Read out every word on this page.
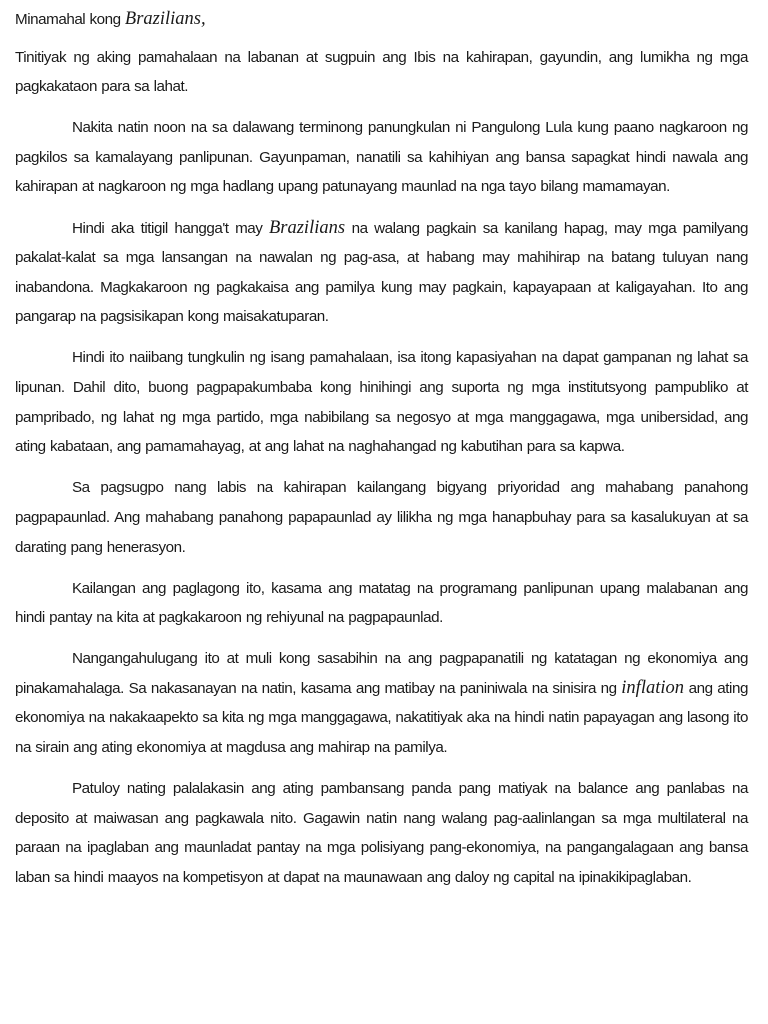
Minamahal kong Brazilians,

Tinitiyak ng aking pamahalaan na labanan at sugpuin ang Ibis na kahirapan, gayundin, ang lumikha ng mga pagkakataon para sa lahat.

Nakita natin noon na sa dalawang terminong panungkulan ni Pangulong Lula kung paano nagkaroon ng pagkilos sa kamalayang panlipunan. Gayunpaman, nanatili sa kahihiyan ang bansa sapagkat hindi nawala ang kahirapan at nagkaroon ng mga hadlang upang patunayang maunlad na nga tayo bilang mamamayan.

Hindi aka titigil hangga't may Brazilians na walang pagkain sa kanilang hapag, may mga pamilyang pakalat-kalat sa mga lansangan na nawalan ng pag-asa, at habang may mahihirap na batang tuluyan nang inabandona. Magkakaroon ng pagkakaisa ang pamilya kung may pagkain, kapayapaan at kaligayahan. Ito ang pangarap na pagsisikapan kong maisakatuparan.

Hindi ito naiibang tungkulin ng isang pamahalaan, isa itong kapasiyahan na dapat gampanan ng lahat sa lipunan. Dahil dito, buong pagpapakumbaba kong hinihingi ang suporta ng mga institutsyong pampubliko at pampribado, ng lahat ng mga partido, mga nabibilang sa negosyo at mga manggagawa, mga unibersidad, ang ating kabataan, ang pamamahayag, at ang lahat na naghahangad ng kabutihan para sa kapwa.

Sa pagsugpo nang labis na kahirapan kailangang bigyang priyoridad ang mahabang panahong pagpapaunlad. Ang mahabang panahong papapaunlad ay lilikha ng mga hanapbuhay para sa kasalukuyan at sa darating pang henerasyon.

Kailangan ang paglagong ito, kasama ang matatag na programang panlipunan upang malabanan ang hindi pantay na kita at pagkakaroon ng rehiyunal na pagpapaunlad.

Nangangahulugang ito at muli kong sasabihin na ang pagpapanatili ng katatagan ng ekonomiya ang pinakamahalaga. Sa nakasanayan na natin, kasama ang matibay na paniniwala na sinisira ng inflation ang ating ekonomiya na nakakaapekto sa kita ng mga manggagawa, nakatitiyak aka na hindi natin papayagan ang lasong ito na sirain ang ating ekonomiya at magdusa ang mahirap na pamilya.

Patuloy nating palalakasin ang ating pambansang panda pang matiyak na balance ang panlabas na deposito at maiwasan ang pagkawala nito. Gagawin natin nang walang pag-aalinlangan sa mga multilateral na paraan na ipaglaban ang maunladat pantay na mga polisiyang pang-ekonomiya, na pangangalagaan ang bansa laban sa hindi maayos na kompetisyon at dapat na maunawaan ang daloy ng capital na ipinakikipaglaban.
